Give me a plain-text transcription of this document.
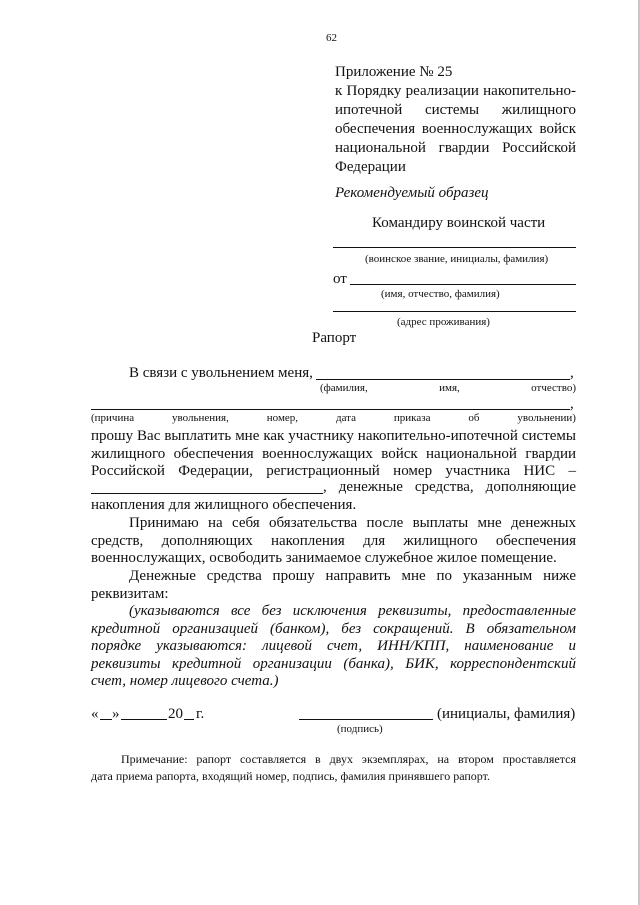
62
Приложение № 25
к Порядку реализации накопительно-
ипотечной системы жилищного
обеспечения военнослужащих войск
национальной гвардии Российской
Федерации
Рекомендуемый образец
Командиру воинской части
(воинское звание, инициалы, фамилия)
от
(имя, отчество, фамилия)
(адрес проживания)
Рапорт
В связи с увольнением меня,	,
(фамилия,	имя,	отчество)
,
(причина	увольнения,	номер,	дата	приказа	об	увольнении)
прошу Вас выплатить мне как участнику накопительно-ипотечной системы
жилищного обеспечения военнослужащих войск национальной гвардии
Российской Федерации, регистрационный номер участника НИС –
, денежные средства, дополняющие
накопления для жилищного обеспечения.
Принимаю на себя обязательства после выплаты мне денежных
средств, дополняющих накопления для жилищного обеспечения
военнослужащих, освободить занимаемое служебное жилое помещение.
Денежные средства прошу направить мне по указанным ниже
реквизитам:
(указываются все без исключения реквизиты, предоставленные
кредитной организацией (банком), без сокращений. В обязательном
порядке указываются: лицевой счет, ИНН/КПП, наименование и
реквизиты кредитной организации (банка), БИК, корреспондентский
счет, номер лицевого счета.)
« »	20 г.	(инициалы, фамилия)
(подпись)
Примечание: рапорт составляется в двух экземплярах, на втором проставляется
дата приема рапорта, входящий номер, подпись, фамилия принявшего рапорт.
